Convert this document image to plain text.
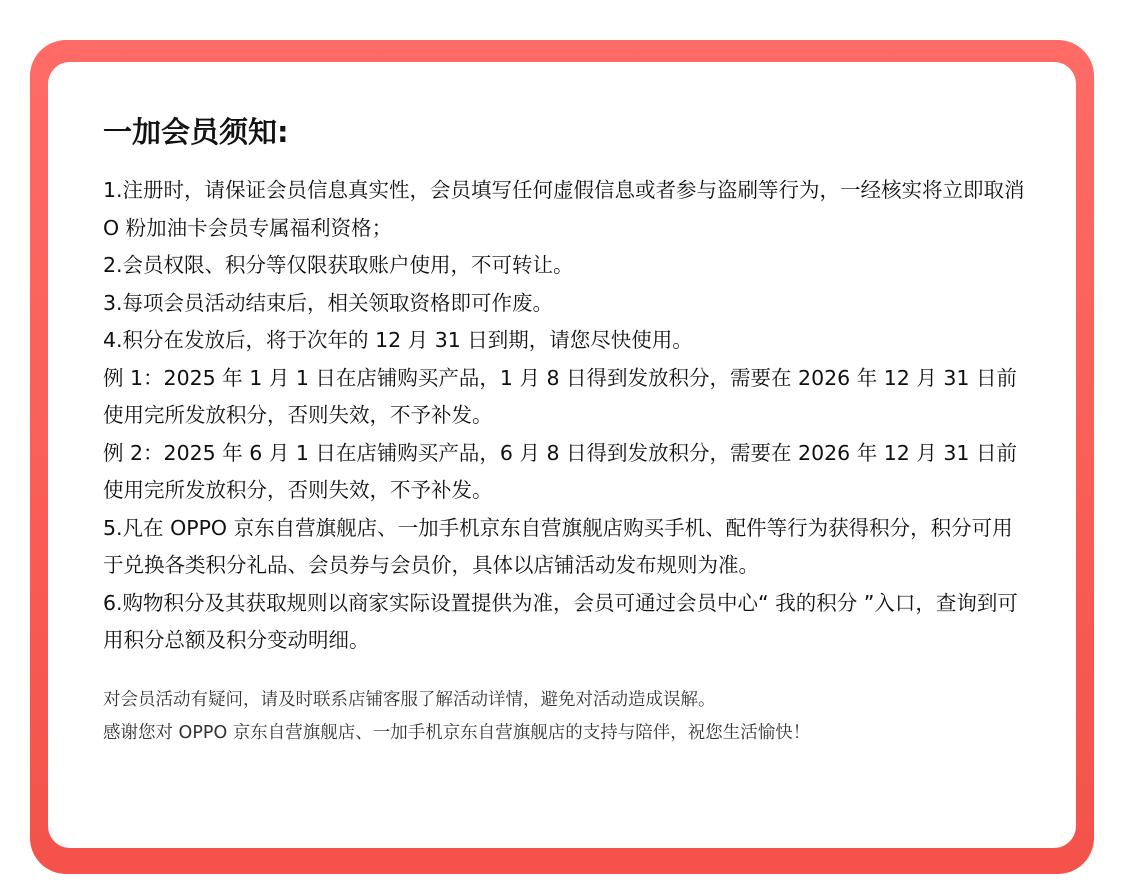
一加会员须知:

1.注册时，请保证会员信息真实性，会员填写任何虚假信息或者参与盗刷等行为，一经核实将立即取消 O 粉加油卡会员专属福利资格；

2.会员权限、积分等仅限获取账户使用，不可转让。

3.每项会员活动结束后，相关领取资格即可作废。

4.积分在发放后，将于次年的 12 月 31 日到期，请您尽快使用。

例 1：2025 年 1 月 1 日在店铺购买产品，1 月 8 日得到发放积分，需要在 2026 年 12 月 31 日前使用完所发放积分，否则失效，不予补发。

例 2：2025 年 6 月 1 日在店铺购买产品，6 月 8 日得到发放积分，需要在 2026 年 12 月 31 日前使用完所发放积分，否则失效，不予补发。

5.凡在 OPPO 京东自营旗舰店、一加手机京东自营旗舰店购买手机、配件等行为获得积分，积分可用于兑换各类积分礼品、会员券与会员价，具体以店铺活动发布规则为准。

6.购物积分及其获取规则以商家实际设置提供为准，会员可通过会员中心“ 我的积分 ”入口，查询到可用积分总额及积分变动明细。

对会员活动有疑问，请及时联系店铺客服了解活动详情，避免对活动造成误解。

感谢您对 OPPO 京东自营旗舰店、一加手机京东自营旗舰店的支持与陪伴，祝您生活愉快！
